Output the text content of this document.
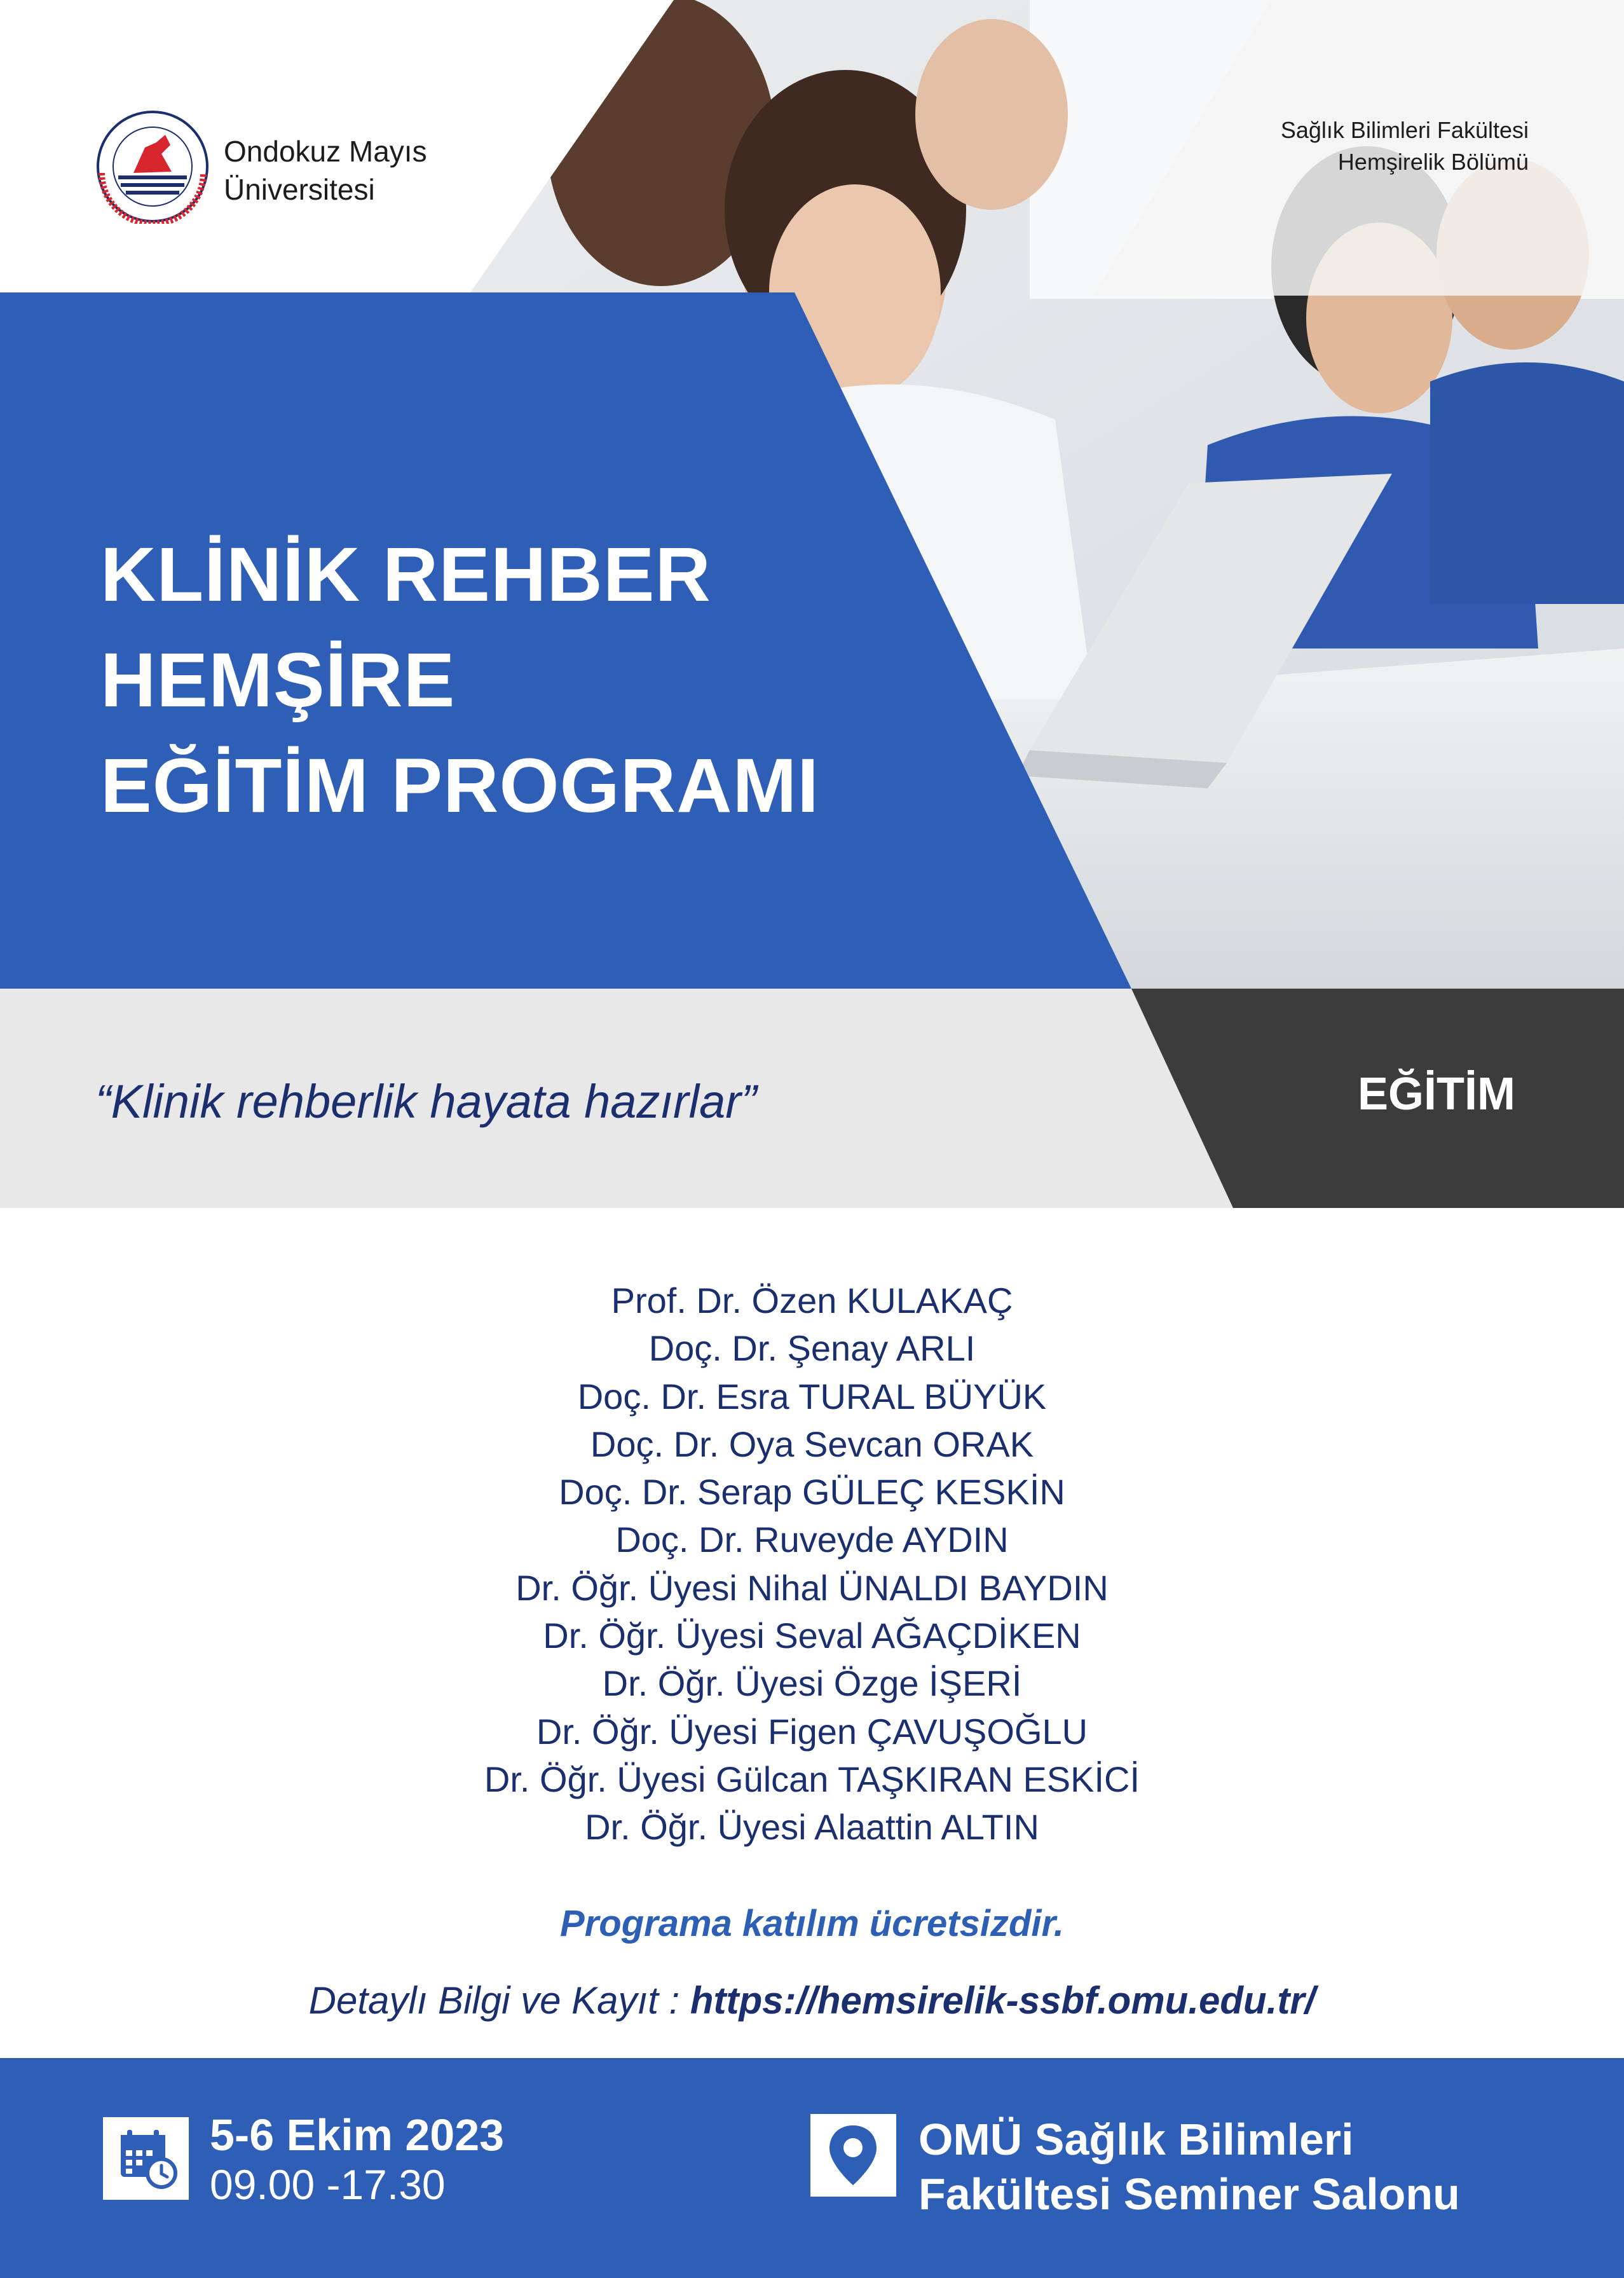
Ondokuz Mayıs
Üniversitesi
Sağlık Bilimleri Fakültesi
Hemşirelik Bölümü
KLİNİK REHBER
HEMŞİRE
EĞİTİM PROGRAMI
“Klinik rehberlik hayata hazırlar”	EĞİTİM
Prof. Dr. Özen KULAKAÇ
Doç. Dr. Şenay ARLI
Doç. Dr. Esra TURAL BÜYÜK
Doç. Dr. Oya Sevcan ORAK
Doç. Dr. Serap GÜLEÇ KESKİN
Doç. Dr. Ruveyde AYDIN
Dr. Öğr. Üyesi Nihal ÜNALDI BAYDIN
Dr. Öğr. Üyesi Seval AĞAÇDİKEN
Dr. Öğr. Üyesi Özge İŞERİ
Dr. Öğr. Üyesi Figen ÇAVUŞOĞLU
Dr. Öğr. Üyesi Gülcan TAŞKIRAN ESKİCİ
Dr. Öğr. Üyesi Alaattin ALTIN
Programa katılım ücretsizdir.
Detaylı Bilgi ve Kayıt : https://hemsirelik-ssbf.omu.edu.tr/
5-6 Ekim 2023
09.00 -17.30
OMÜ Sağlık Bilimleri
Fakültesi Seminer Salonu
